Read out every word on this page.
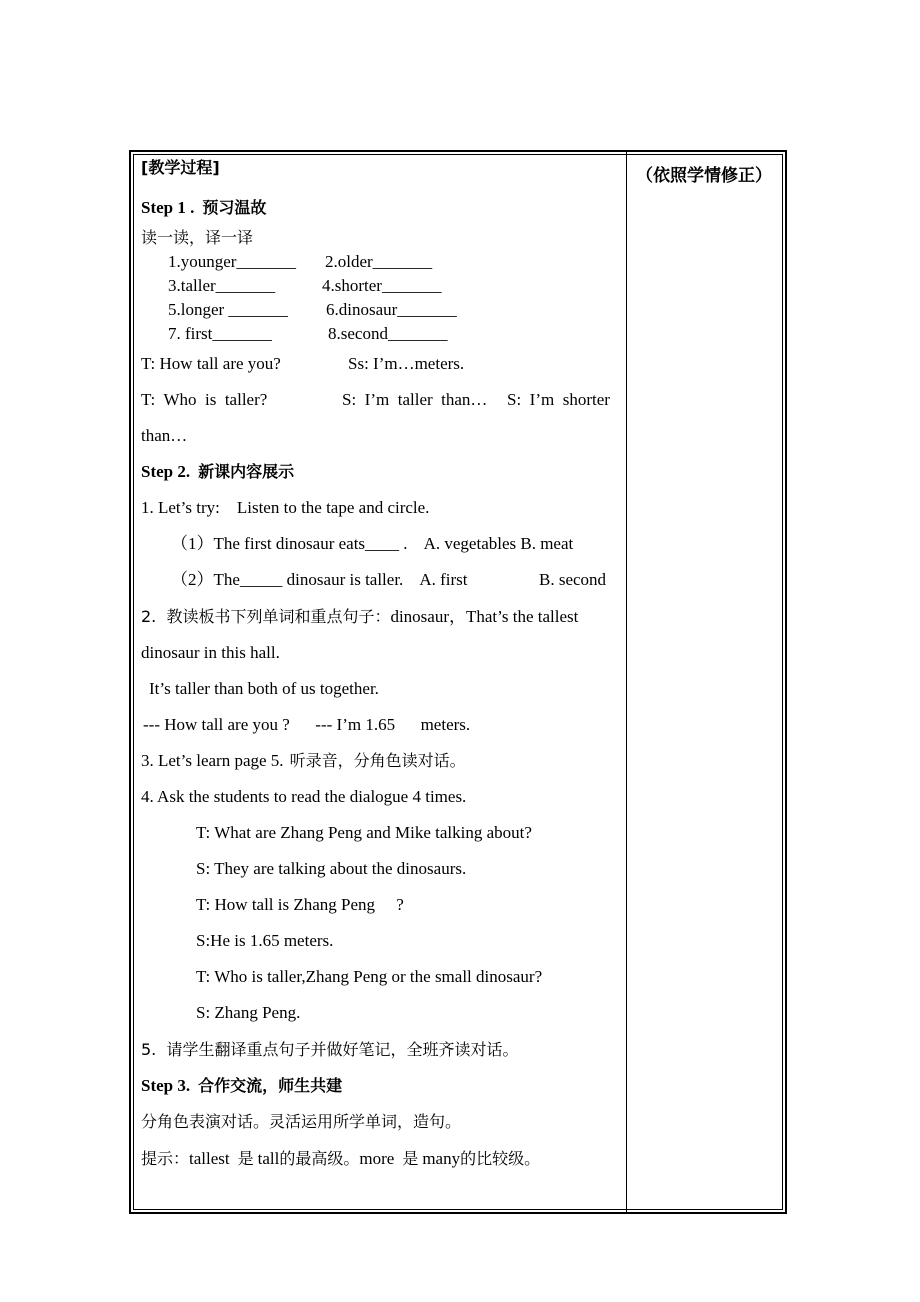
（依照学情修正）
[教学过程]
Step 1 . 预习温故
读一读，译一译
1.younger_______ 2.older_______
3.taller_______	4.shorter_______
5.longer _______ 6.dinosaur_______
7. first_______	8.second_______
T: How tall are you?	Ss: I’m…meters.
T:  Who  is  taller?	S:  I’m  taller  than… S:  I’m  shorter
than…
Step 2. 新课内容展示
1. Let’s try:    Listen to the tape and circle.
（1）The first dinosaur eats____ .    A. vegetables B. meat
（2）The_____ dinosaur is taller.    A. first	B. second
2.  教读板书下列单词和重点句子：dinosaur，That’s the tallest
dinosaur in this hall.
It’s taller than both of us together.
--- How tall are you ?      --- I’m 1.65      meters.
3. Let’s learn page 5. 听录音，分角色读对话。
4. Ask the students to read the dialogue 4 times.
T: What are Zhang Peng and Mike talking about?
S: They are talking about the dinosaurs.
T: How tall is Zhang Peng     ?
S:He is 1.65 meters.
T: Who is taller,Zhang Peng or the small dinosaur?
S: Zhang Peng.
5.  请学生翻译重点句子并做好笔记，全班齐读对话。
Step 3. 合作交流，师生共建
分角色表演对话。灵活运用所学单词，造句。
提示：tallest 是 tall的最高级。more 是 many的比较级。
